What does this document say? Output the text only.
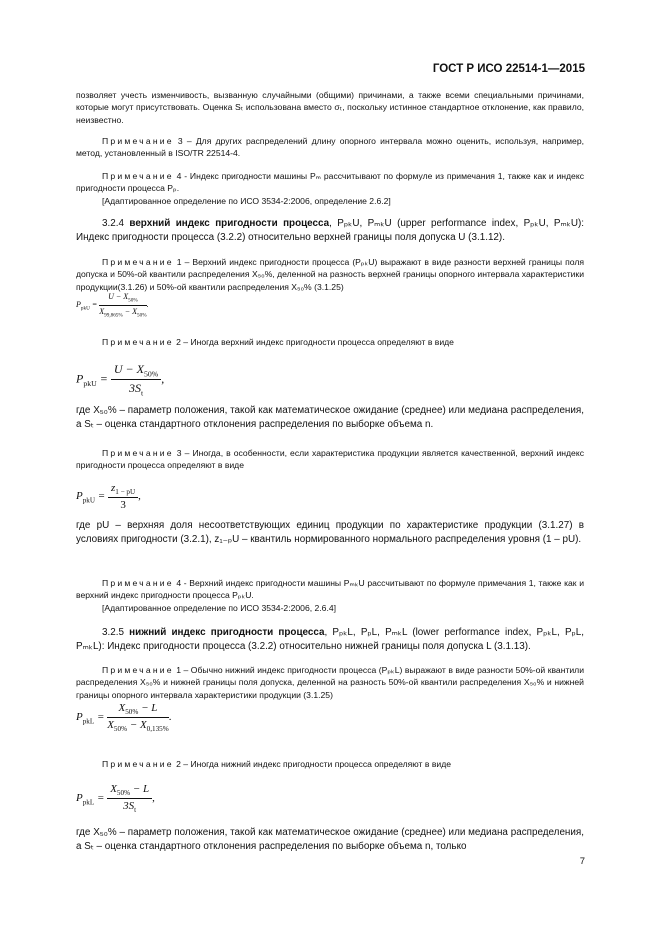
ГОСТ Р ИСО 22514-1—2015

позволяет учесть изменчивость, вызванную случайными (общими) причинами, а также всеми специальными причинами, которые могут присутствовать. Оценка Sₜ использована вместо σₜ, поскольку истинное стандартное отклонение, как правило, неизвестно.

Примечание 3 – Для других распределений длину опорного интервала можно оценить, используя, например, метод, установленный в ISO/TR 22514-4.

Примечание 4 - Индекс пригодности машины Pₘ рассчитывают по формуле из примечания 1, также как и индекс пригодности процесса Pₚ.

[Адаптированное определение по ИСО 3534-2:2006, определение 2.6.2]

3.2.4 верхний индекс пригодности процесса, PₚₖU, PₘₖU (upper performance index, PₚₖU, PₘₖU): Индекс пригодности процесса (3.2.2) относительно верхней границы поля допуска U (3.1.12).

Примечание 1 – Верхний индекс пригодности процесса (PₚₖU) выражают в виде разности верхней границы поля допуска и 50%-ой квантили распределения X₅₀%, деленной на разность верхней границы опорного интервала характеристики продукции(3.1.26) и 50%-ой квантили распределения X₅₀% (3.1.25)

$P_{pkU} = \frac{U - X_{50\%}}{X_{99,865\%} - X_{50\%}}$ .

Примечание 2 – Иногда верхний индекс пригодности процесса определяют в виде

$P_{pkU} = \frac{U - X_{50\%}}{3S_t}$ ,

где X₅₀% – параметр положения, такой как математическое ожидание (среднее) или медиана распределения, а Sₜ – оценка стандартного отклонения распределения по выборке объема n.

Примечание 3 – Иногда, в особенности, если характеристика продукции является качественной, верхний индекс пригодности процесса определяют в виде

$P_{pkU} = \frac{z_{1 - pU}}{3}$ ,

где pU – верхняя доля несоответствующих единиц продукции по характеристике продукции (3.1.27) в условиях пригодности (3.2.1), z₁₋ₚU – квантиль нормированного нормального распределения уровня (1 – pU).

Примечание 4 - Верхний индекс пригодности машины PₘₖU рассчитывают по формуле примечания 1, также как и верхний индекс пригодности процесса PₚₖU.

[Адаптированное определение по ИСО 3534-2:2006, 2.6.4]

3.2.5 нижний индекс пригодности процесса, PₚₖL, PₚL, PₘₖL (lower performance index, PₚₖL, PₚL, PₘₖL): Индекс пригодности процесса (3.2.2) относительно нижней границы поля допуска L (3.1.13).

Примечание 1 – Обычно нижний индекс пригодности процесса (PₚₖL) выражают в виде разности 50%-ой квантили распределения X₅₀% и нижней границы поля допуска, деленной на разность 50%-ой квантили распределения X₅₀% и нижней границы опорного интервала характеристики продукции (3.1.25)

$P_{pkL} = \frac{X_{50\%} - L}{X_{50\%} - X_{0,135\%}}$ .

Примечание 2 – Иногда нижний индекс пригодности процесса определяют в виде

$P_{pkL} = \frac{X_{50\%} - L}{3S_t}$ ,

где X₅₀% – параметр положения, такой как математическое ожидание (среднее) или медиана распределения, а Sₜ – оценка стандартного отклонения распределения по выборке объема n, только

7
